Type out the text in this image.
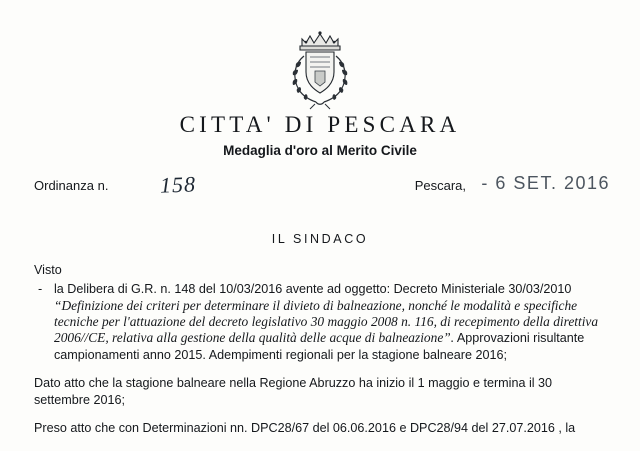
CITTA' DI PESCARA
Medaglia d'oro al Merito Civile
Ordinanza n. 158	Pescara, - 6 SET. 2016
IL SINDACO
Visto
- la Delibera di G.R. n. 148 del 10/03/2016 avente ad oggetto: Decreto Ministeriale 30/03/2010
“Definizione dei criteri per determinare il divieto di balneazione, nonché le modalità e specifiche
tecniche per l'attuazione del decreto legislativo 30 maggio 2008 n. 116, di recepimento della direttiva
2006//CE, relativa alla gestione della qualità delle acque di balneazione”. Approvazioni risultante
campionamenti anno 2015. Adempimenti regionali per la stagione balneare 2016;
Dato atto che la stagione balneare nella Regione Abruzzo ha inizio il 1 maggio e termina il 30
settembre 2016;
Preso atto che con Determinazioni nn. DPC28/67 del 06.06.2016 e DPC28/94 del 27.07.2016 , la
